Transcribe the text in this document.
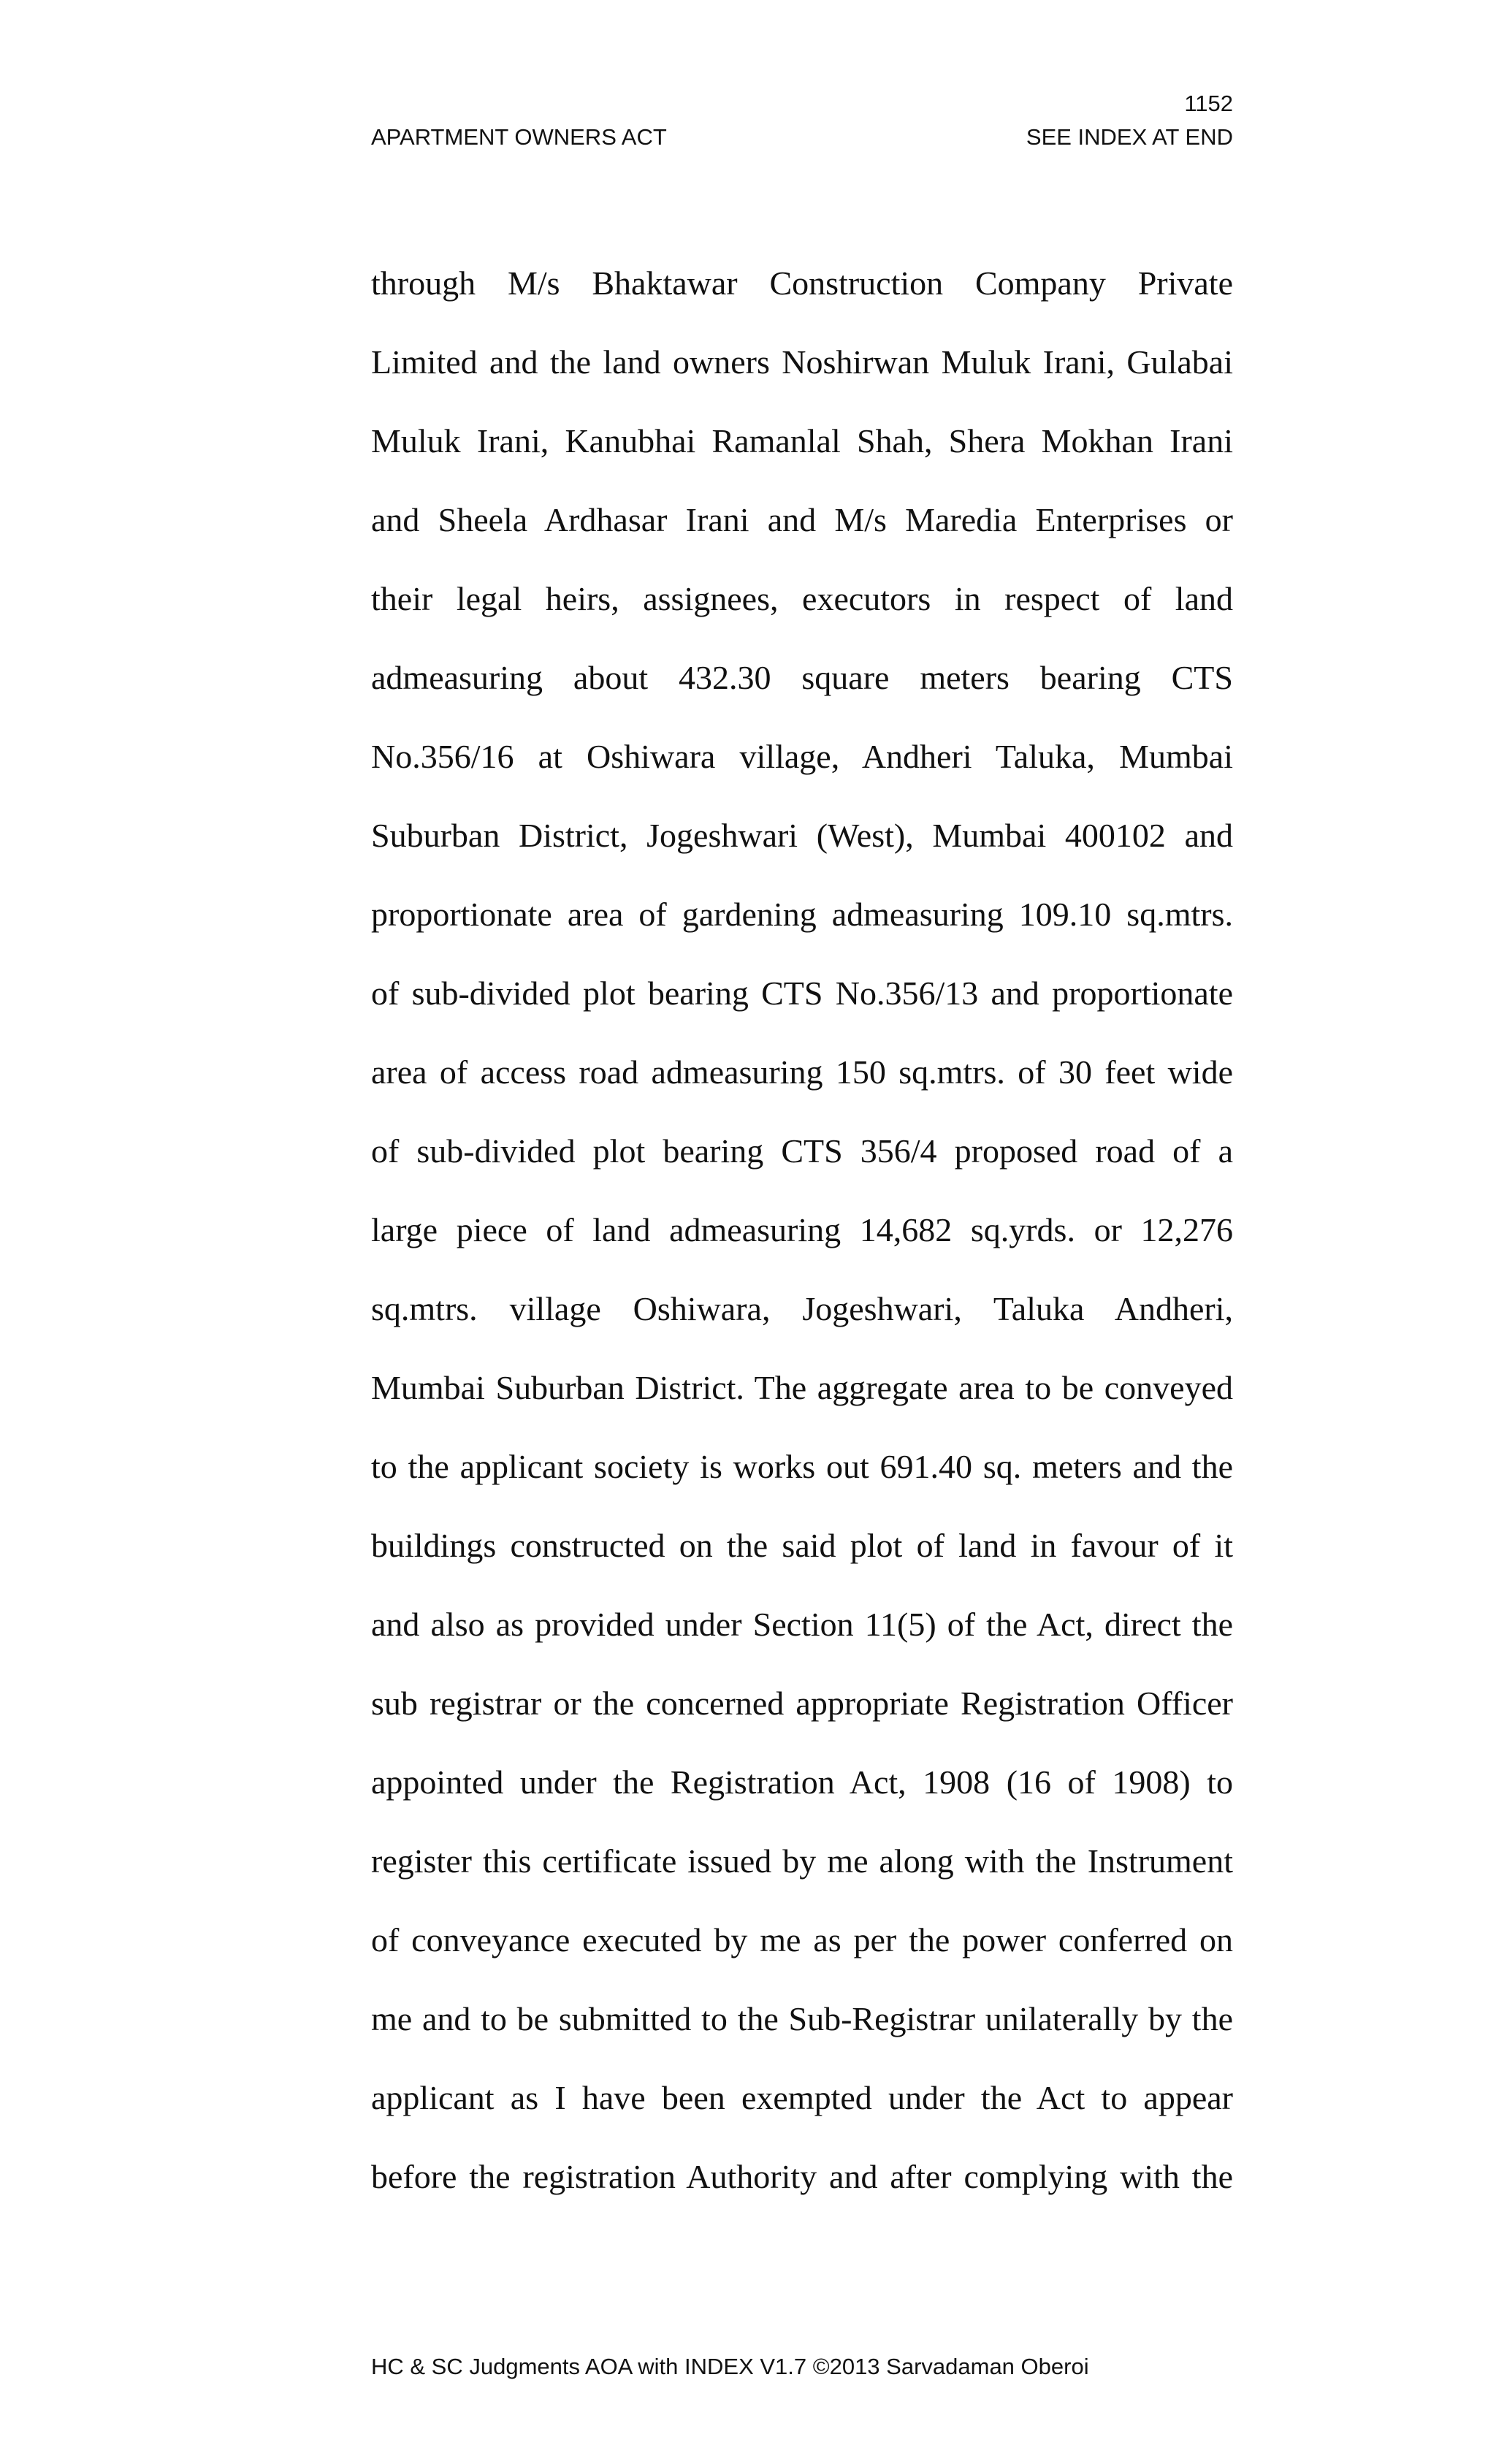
1152
APARTMENT OWNERS ACT	SEE INDEX AT END
through M/s Bhaktawar Construction Company Private
Limited and the land owners Noshirwan Muluk Irani, Gulabai
Muluk Irani, Kanubhai Ramanlal Shah, Shera Mokhan Irani
and Sheela Ardhasar Irani and M/s Maredia Enterprises or
their legal heirs, assignees, executors in respect of land
admeasuring about 432.30 square meters bearing CTS
No.356/16 at Oshiwara village, Andheri Taluka, Mumbai
Suburban District, Jogeshwari (West), Mumbai 400102 and
proportionate area of gardening admeasuring 109.10 sq.mtrs.
of sub-divided plot bearing CTS No.356/13 and proportionate
area of access road admeasuring 150 sq.mtrs. of 30 feet wide
of sub-divided plot bearing CTS 356/4 proposed road of a
large piece of land admeasuring 14,682 sq.yrds. or 12,276
sq.mtrs. village Oshiwara, Jogeshwari, Taluka Andheri,
Mumbai Suburban District. The aggregate area to be conveyed
to the applicant society is works out 691.40 sq. meters and the
buildings constructed on the said plot of land in favour of it
and also as provided under Section 11(5) of the Act, direct the
sub registrar or the concerned appropriate Registration Officer
appointed under the Registration Act, 1908 (16 of 1908) to
register this certificate issued by me along with the Instrument
of conveyance executed by me as per the power conferred on
me and to be submitted to the Sub-Registrar unilaterally by the
applicant as I have been exempted under the Act to appear
before the registration Authority and after complying with the
HC & SC Judgments AOA with INDEX V1.7 ©2013 Sarvadaman Oberoi
